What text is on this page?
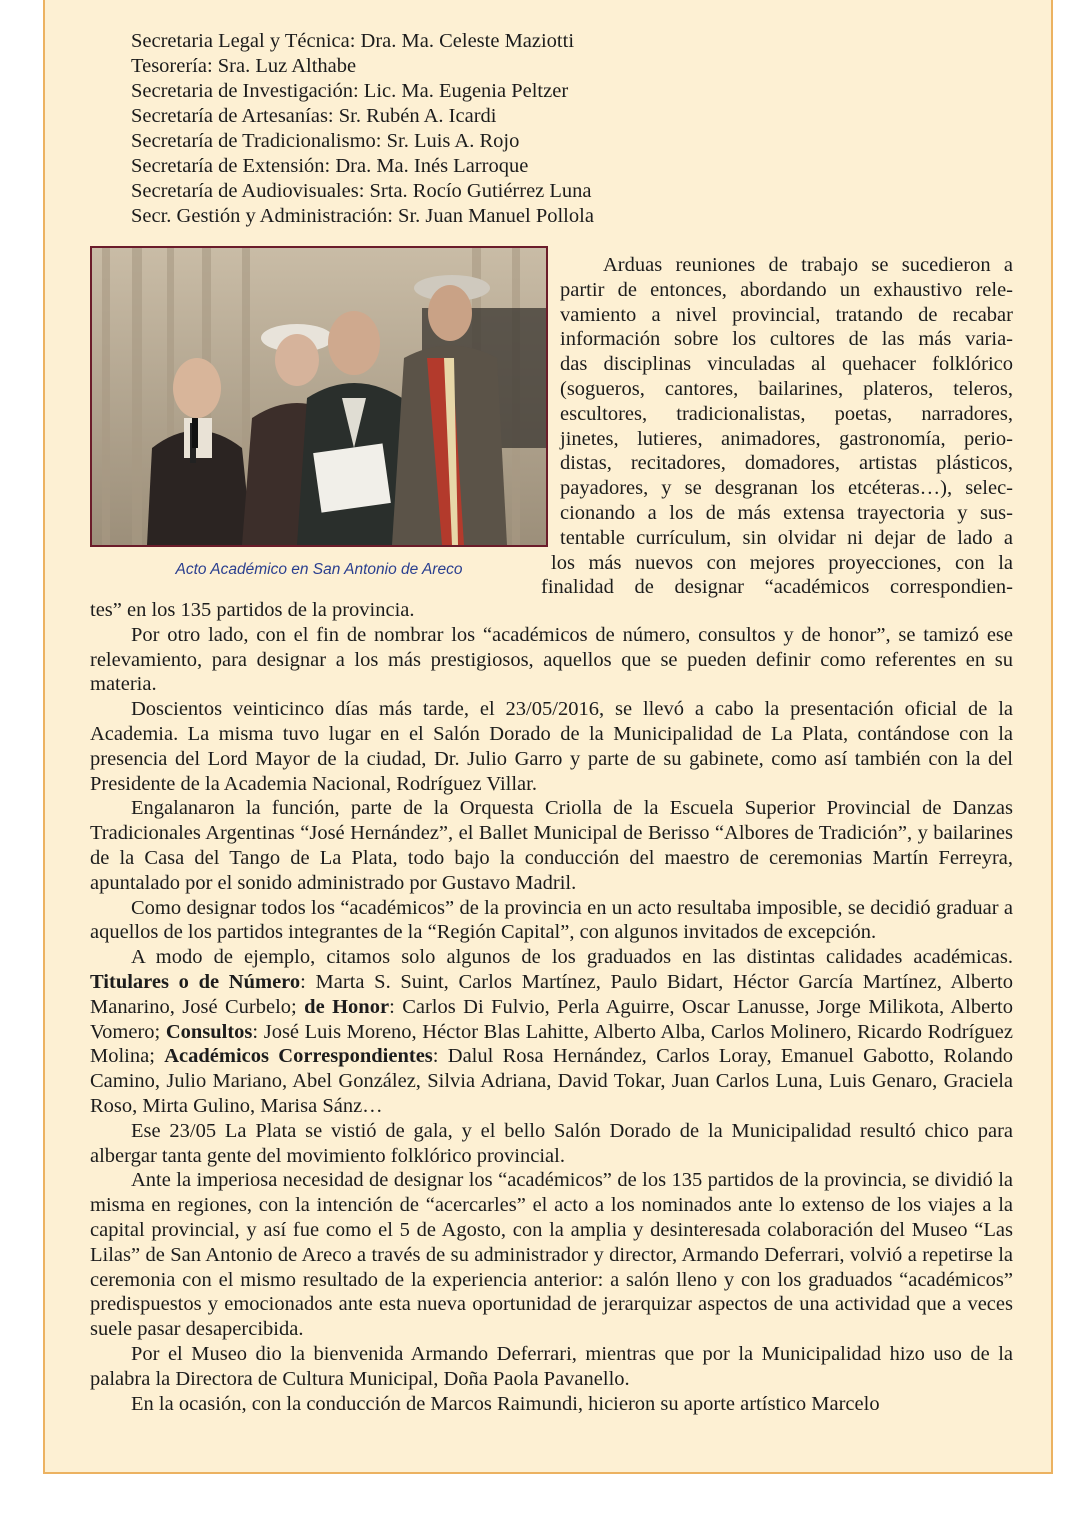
Secretaria Legal y Técnica: Dra. Ma. Celeste Maziotti
Tesorería: Sra. Luz Althabe
Secretaria de Investigación: Lic. Ma. Eugenia Peltzer
Secretaría de Artesanías: Sr. Rubén A. Icardi
Secretaría de Tradicionalismo: Sr. Luis A. Rojo
Secretaría de Extensión: Dra. Ma. Inés Larroque
Secretaría de Audiovisuales: Srta. Rocío Gutiérrez Luna
Secr. Gestión y Administración: Sr. Juan Manuel Pollola
Acto Académico en San Antonio de Areco
Arduas reuniones de trabajo se sucedieron a
partir de entonces, abordando un exhaustivo rele-
vamiento a nivel provincial, tratando de recabar
información sobre los cultores de las más varia-
das disciplinas vinculadas al quehacer folklórico
(sogueros, cantores, bailarines, plateros, teleros,
escultores, tradicionalistas, poetas, narradores,
jinetes, lutieres, animadores, gastronomía, perio-
distas, recitadores, domadores, artistas plásticos,
payadores, y se desgranan los etcéteras…), selec-
cionando a los de más extensa trayectoria y sus-
tentable currículum, sin olvidar ni dejar de lado a
los más nuevos con mejores proyecciones, con la
finalidad de designar “académicos correspondien-

tes” en los 135 partidos de la provincia.

Por otro lado, con el fin de nombrar los “académicos de número, consultos y de honor”, se tamizó ese relevamiento, para designar a los más prestigiosos, aquellos que se pueden definir como referentes en su materia.

Doscientos veinticinco días más tarde, el 23/05/2016, se llevó a cabo la presentación oficial de la Academia. La misma tuvo lugar en el Salón Dorado de la Municipalidad de La Plata, contándose con la presencia del Lord Mayor de la ciudad, Dr. Julio Garro y parte de su gabinete, como así también con la del Presidente de la Academia Nacional, Rodríguez Villar.

Engalanaron la función, parte de la Orquesta Criolla de la Escuela Superior Provincial de Danzas Tradicionales Argentinas “José Hernández”, el Ballet Municipal de Berisso “Albores de Tradición”, y bailarines de la Casa del Tango de La Plata, todo bajo la conducción del maestro de ceremonias Martín Ferreyra, apuntalado por el sonido administrado por Gustavo Madril.

Como designar todos los “académicos” de la provincia en un acto resultaba imposible, se decidió graduar a aquellos de los partidos integrantes de la “Región Capital”, con algunos invitados de excepción.

A modo de ejemplo, citamos solo algunos de los graduados en las distintas calidades académicas. Titulares o de Número: Marta S. Suint, Carlos Martínez, Paulo Bidart, Héctor García Martínez, Alberto Manarino, José Curbelo; de Honor: Carlos Di Fulvio, Perla Aguirre, Oscar Lanusse, Jorge Milikota, Alberto Vomero; Consultos: José Luis Moreno, Héctor Blas Lahitte, Alberto Alba, Carlos Molinero, Ricardo Rodríguez Molina; Académicos Correspondientes: Dalul Rosa Hernández, Carlos Loray, Emanuel Gabotto, Rolando Camino, Julio Mariano, Abel González, Silvia Adriana, David Tokar, Juan Carlos Luna, Luis Genaro, Graciela Roso, Mirta Gulino, Marisa Sánz…

Ese 23/05 La Plata se vistió de gala, y el bello Salón Dorado de la Municipalidad resultó chico para albergar tanta gente del movimiento folklórico provincial.

Ante la imperiosa necesidad de designar los “académicos” de los 135 partidos de la provincia, se dividió la misma en regiones, con la intención de “acercarles” el acto a los nominados ante lo extenso de los viajes a la capital provincial, y así fue como el 5 de Agosto, con la amplia y desinteresada colaboración del Museo “Las Lilas” de San Antonio de Areco a través de su administrador y director, Armando Deferrari, volvió a repetirse la ceremonia con el mismo resultado de la experiencia anterior: a salón lleno y con los graduados “académicos” predispuestos y emocionados ante esta nueva oportunidad de jerarquizar aspectos de una actividad que a veces suele pasar desapercibida.

Por el Museo dio la bienvenida Armando Deferrari, mientras que por la Municipalidad hizo uso de la palabra la Directora de Cultura Municipal, Doña Paola Pavanello.

En la ocasión, con la conducción de Marcos Raimundi, hicieron su aporte artístico Marcelo
